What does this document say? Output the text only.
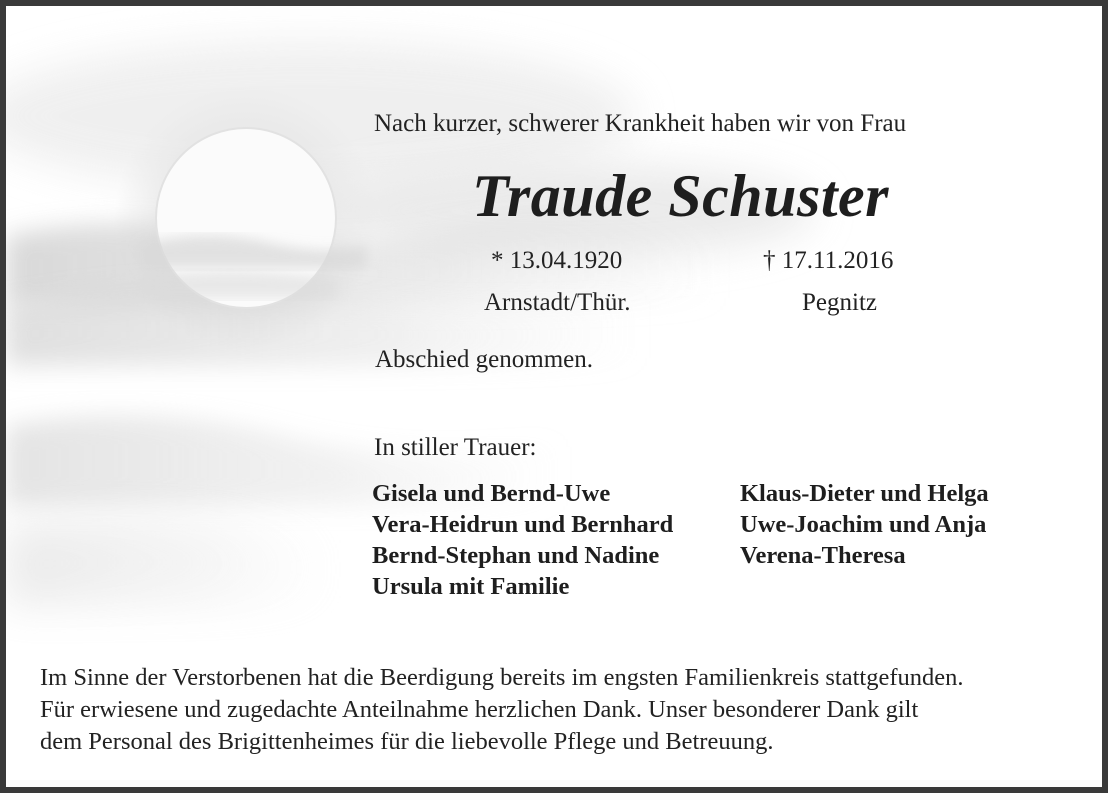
Nach kurzer, schwerer Krankheit haben wir von Frau
Traude Schuster
* 13.04.1920	† 17.11.2016
Arnstadt/Thür.	Pegnitz
Abschied genommen.
In stiller Trauer:
Gisela und Bernd-Uwe
Vera-Heidrun und Bernhard
Bernd-Stephan und Nadine
Ursula mit Familie
Klaus-Dieter und Helga
Uwe-Joachim und Anja
Verena-Theresa
Im Sinne der Verstorbenen hat die Beerdigung bereits im engsten Familienkreis stattgefunden.
Für erwiesene und zugedachte Anteilnahme herzlichen Dank. Unser besonderer Dank gilt
dem Personal des Brigittenheimes für die liebevolle Pflege und Betreuung.
